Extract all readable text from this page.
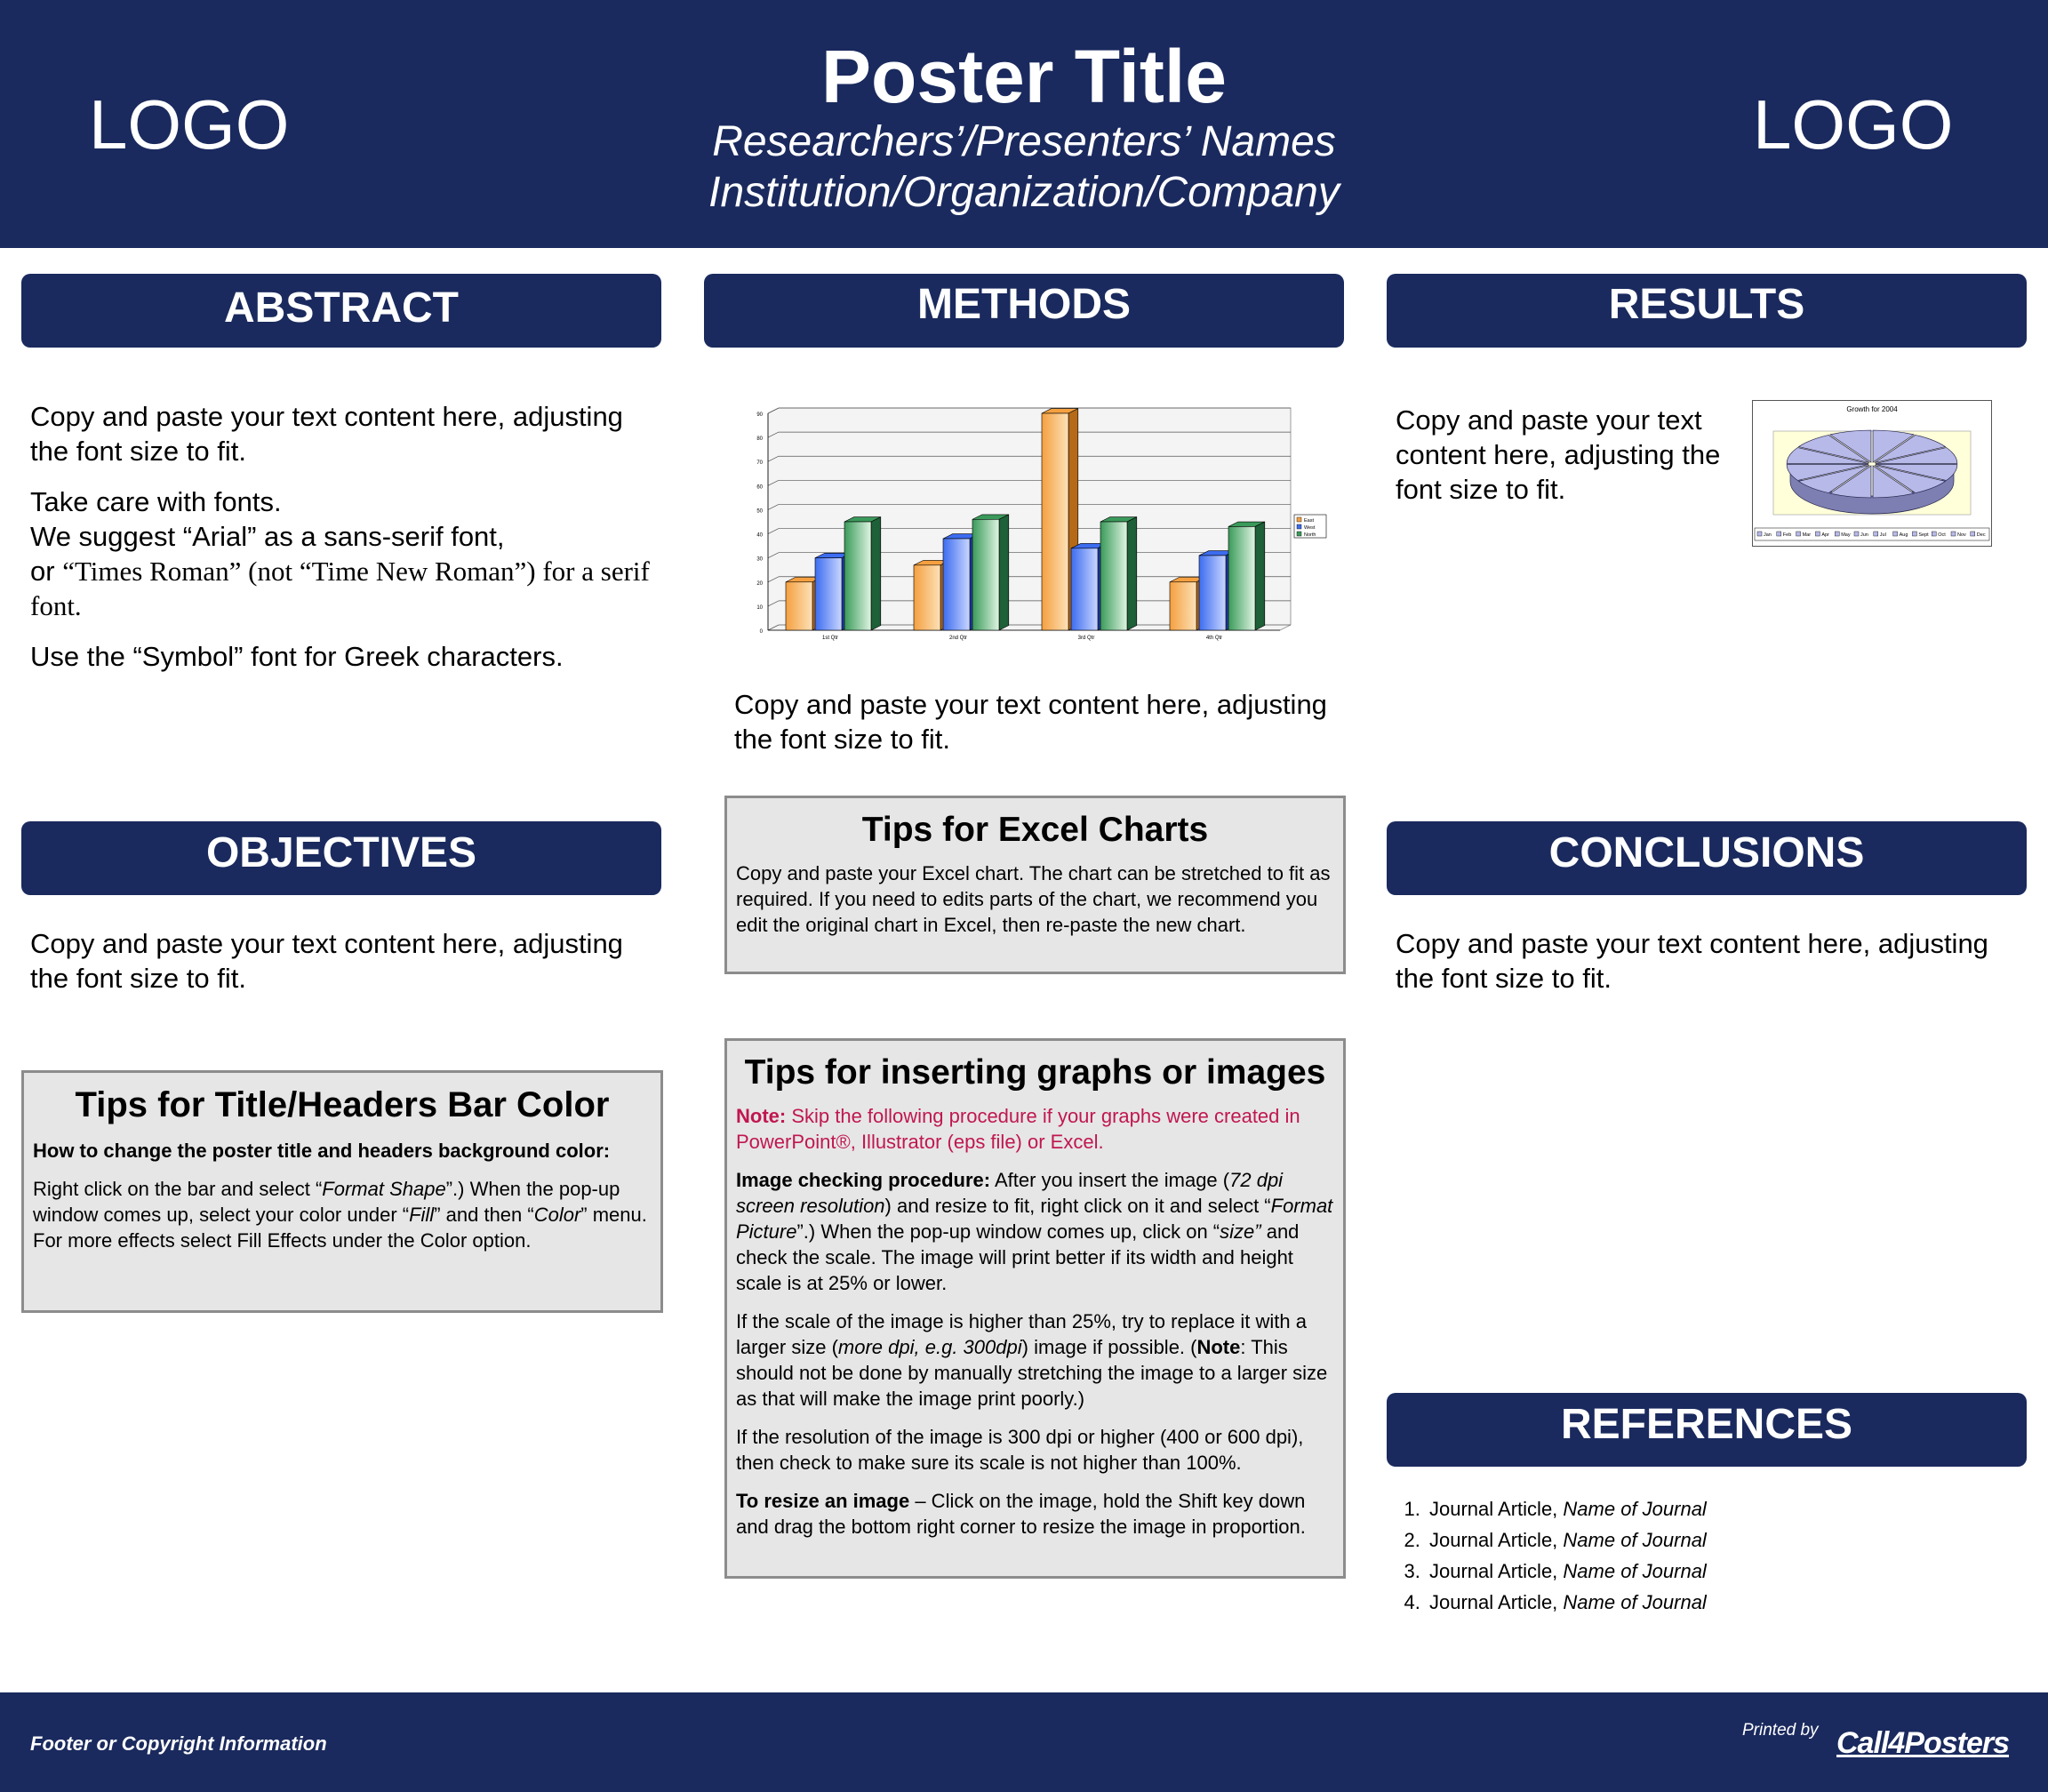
LOGO
Poster Title
Researchers’/Presenters’ Names
Institution/Organization/Company
LOGO
ABSTRACT	METHODS	RESULTS
OBJECTIVES	CONCLUSIONS
REFERENCES

Copy and paste your text content here, adjusting the font size to fit.

Take care with fonts.
We suggest “Arial” as a sans-serif font,
or “Times Roman” (not “Time New Roman”) for a serif font.

Use the “Symbol” font for Greek characters.

Copy and paste your text content here, adjusting the font size to fit.

Tips for Title/Headers Bar Color

How to change the poster title and headers background color:

Right click on the bar and select “Format Shape”.) When the pop-up window comes up, select your color under “Fill” and then “Color” menu. For more effects select Fill Effects under the Color option.

0
10
20
30
40
50
60
70
80
90
1st Qtr	2nd Qtr	3rd Qtr	4th Qtr
East
West
North

Copy and paste your text content here, adjusting the font size to fit.

Tips for Excel Charts

Copy and paste your Excel chart. The chart can be stretched to fit as required. If you need to edits parts of the chart, we recommend you edit the original chart in Excel, then re-paste the new chart.

Tips for inserting graphs or images

Note: Skip the following procedure if your graphs were created in PowerPoint®, Illustrator (eps file) or Excel.

Image checking procedure: After you insert the image (72 dpi screen resolution) and resize to fit, right click on it and select “Format Picture”.) When the pop-up window comes up, click on “size” and check the scale. The image will print better if its width and height scale is at 25% or lower.

If the scale of the image is higher than 25%, try to replace it with a larger size (more dpi, e.g. 300dpi) image if possible. (Note: This should not be done by manually stretching the image to a larger size as that will make the image print poorly.)

If the resolution of the image is 300 dpi or higher (400 or 600 dpi), then check to make sure its scale is not higher than 100%.

To resize an image – Click on the image, hold the Shift key down and drag the bottom right corner to resize the image in proportion.

Copy and paste your text content here, adjusting the font size to fit.

Growth for 2004
Jan Feb Mar Apr May Jun Jul	Aug Sept Oct Nov Dec

Copy and paste your text content here, adjusting the font size to fit.

1. Journal Article, Name of Journal
2. Journal Article, Name of Journal
3. Journal Article, Name of Journal
4. Journal Article, Name of Journal
Footer or Copyright Information
Printed by Call4Posters
